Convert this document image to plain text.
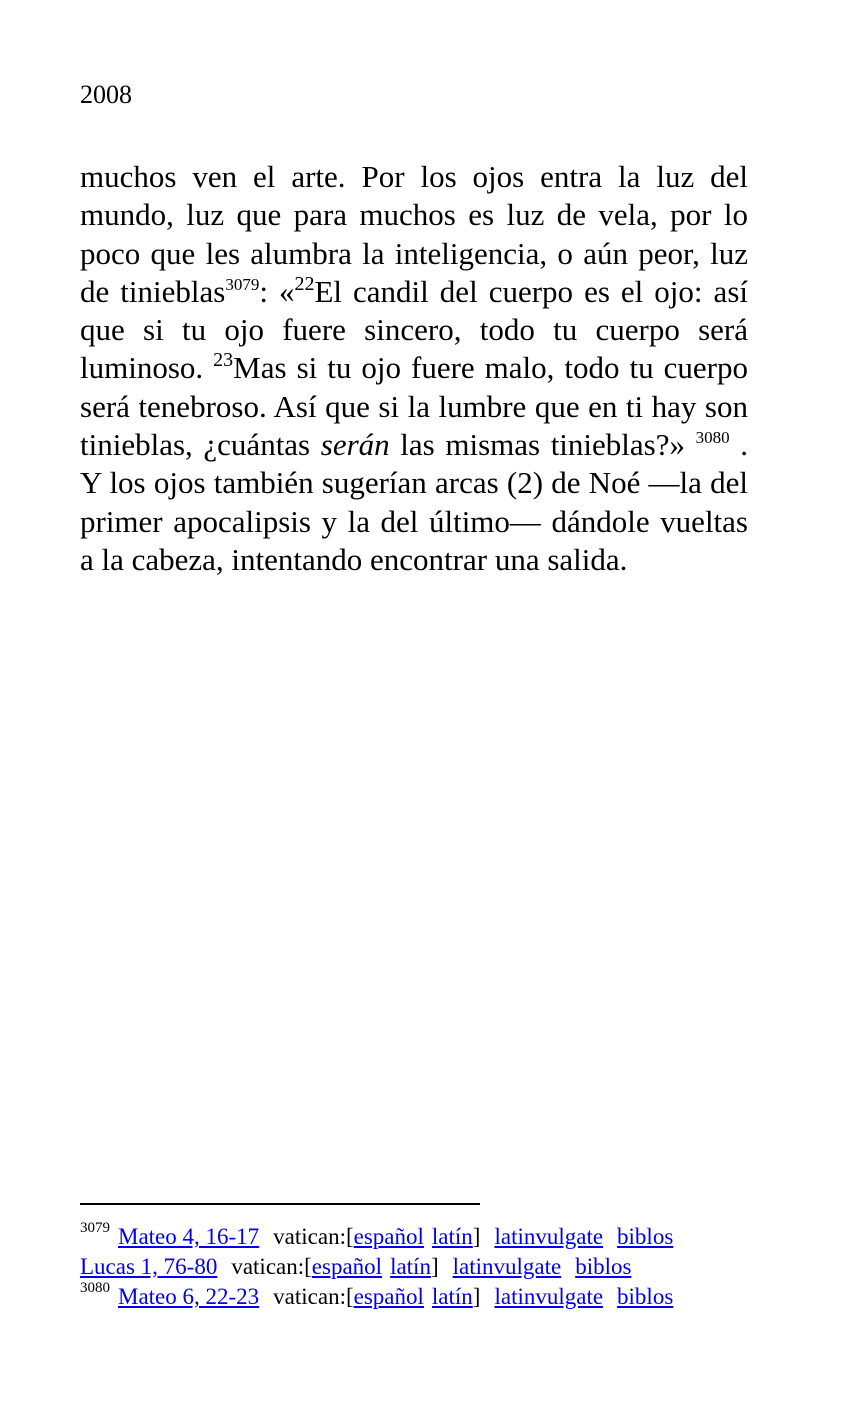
2008

muchos ven el arte. Por los ojos entra la luz del mundo, luz que para muchos es luz de vela, por lo poco que les alumbra la inteligencia, o aún peor, luz de tinieblas$^{3079}$: «$^{22}$El candil del cuerpo es el ojo: así que si tu ojo fuere sincero, todo tu cuerpo será luminoso. $^{23}$Mas si tu ojo fuere malo, todo tu cuerpo será tenebroso. Así que si la lumbre que en ti hay son tinieblas, ¿cuántas serán las mismas tinieblas?» $^{3080}$ . Y los ojos también sugerían arcas (2) de Noé ―la del primer apocalipsis y la del último― dándole vueltas a la cabeza, intentando encontrar una salida.

$^{3079}$ Mateo 4, 16-17 vatican:[español latín] latinvulgate biblos
Lucas 1, 76-80 vatican:[español latín] latinvulgate biblos
$^{3080}$ Mateo 6, 22-23 vatican:[español latín] latinvulgate biblos
